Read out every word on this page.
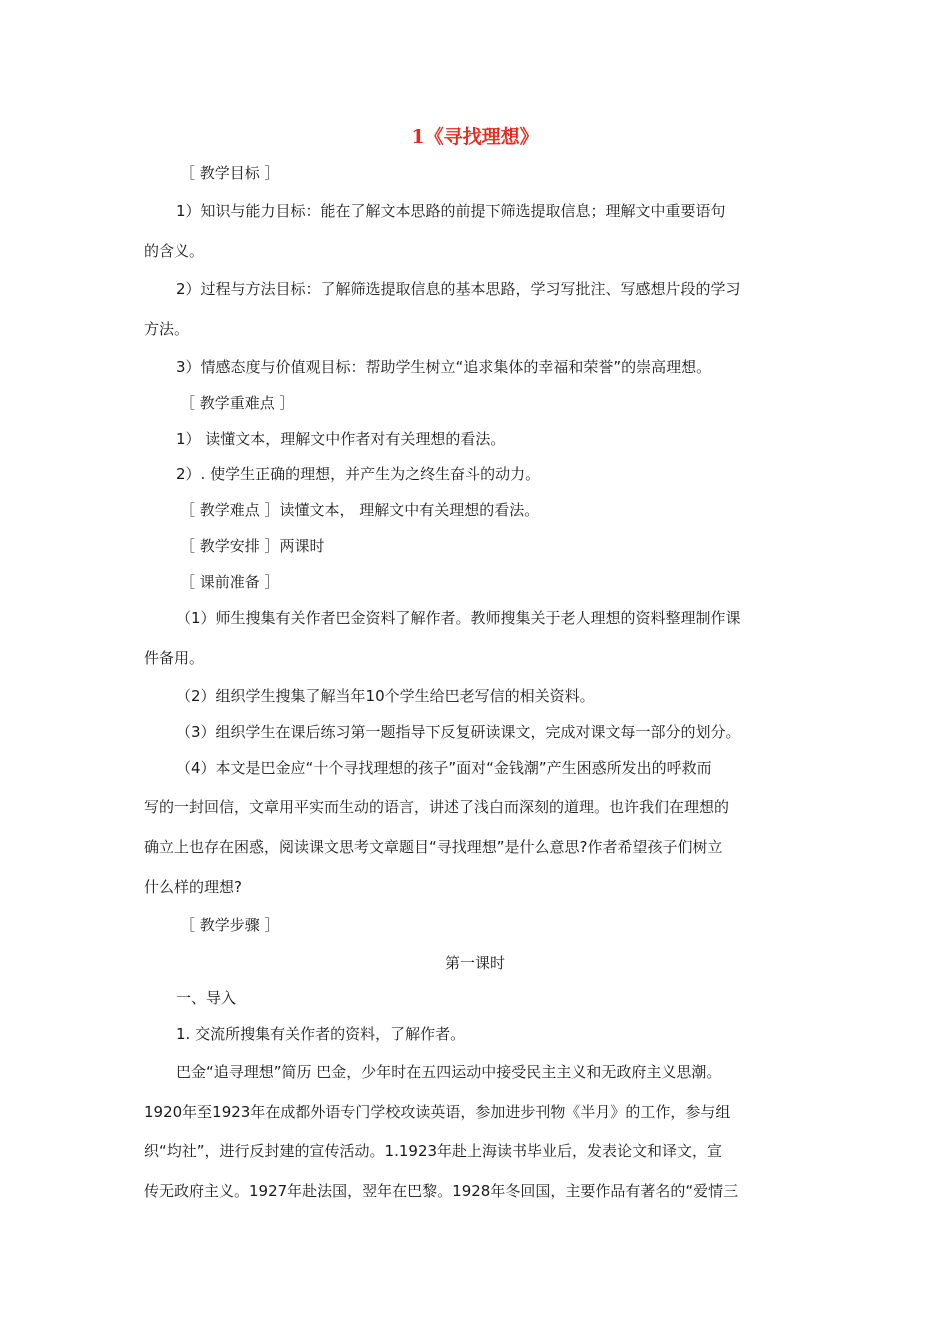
1《寻找理想》
［ 教学目标 ］
1）知识与能力目标：能在了解文本思路的前提下筛选提取信息；理解文中重要语句
的含义。
2）过程与方法目标：了解筛选提取信息的基本思路，学习写批注、写感想片段的学习
方法。
3）情感态度与价值观目标：帮助学生树立“追求集体的幸福和荣誉”的崇高理想。
［ 教学重难点 ］
1） 读懂文本，理解文中作者对有关理想的看法。
2）. 使学生正确的理想，并产生为之终生奋斗的动力。
［ 教学难点 ］读懂文本， 理解文中有关理想的看法。
［ 教学安排 ］两课时
［ 课前准备 ］
（1）师生搜集有关作者巴金资料了解作者。教师搜集关于老人理想的资料整理制作课
件备用。
（2）组织学生搜集了解当年10个学生给巴老写信的相关资料。
（3）组织学生在课后练习第一题指导下反复研读课文，完成对课文每一部分的划分。
（4）本文是巴金应“十个寻找理想的孩子”面对“金钱潮”产生困惑所发出的呼救而
写的一封回信，文章用平实而生动的语言，讲述了浅白而深刻的道理。也许我们在理想的
确立上也存在困惑，阅读课文思考文章题目“寻找理想”是什么意思?作者希望孩子们树立
什么样的理想?
［ 教学步骤 ］
第一课时
一、导入
1. 交流所搜集有关作者的资料，了解作者。
巴金“追寻理想”简历 巴金，少年时在五四运动中接受民主主义和无政府主义思潮。
1920年至1923年在成都外语专门学校攻读英语，参加进步刊物《半月》的工作，参与组
织“均社”，进行反封建的宣传活动。1.1923年赴上海读书毕业后，发表论文和译文，宣
传无政府主义。1927年赴法国，翌年在巴黎。1928年冬回国，主要作品有著名的“爱情三
